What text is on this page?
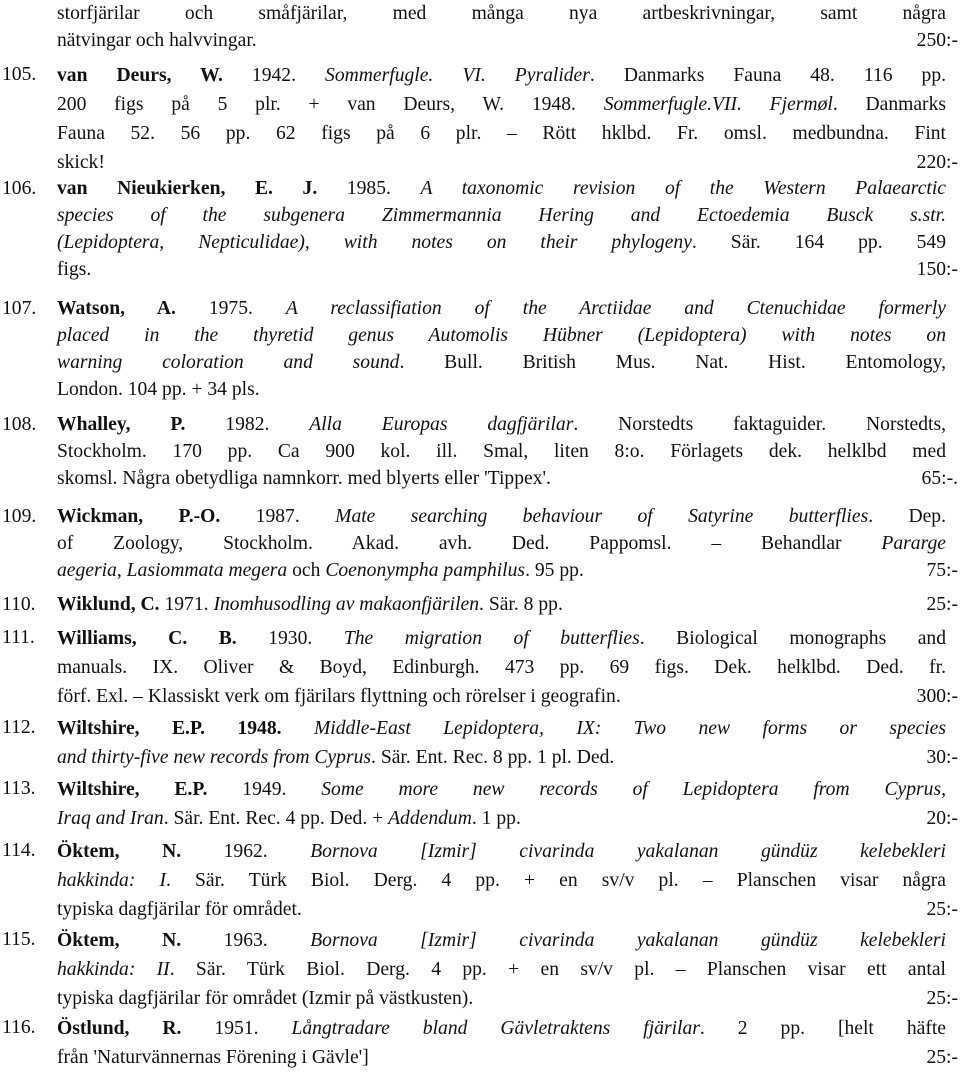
storfjärilar och småfjärilar, med många nya artbeskrivningar, samt några
nätvingar och halvvingar.	250:-
105. van Deurs, W. 1942. Sommerfugle. VI. Pyralider. Danmarks Fauna 48. 116 pp.
200 figs på 5 plr. + van Deurs, W. 1948. Sommerfugle.VII. Fjermøl. Danmarks
Fauna 52. 56 pp. 62 figs på 6 plr. – Rött hklbd. Fr. omsl. medbundna. Fint
skick!	220:-
106. van Nieukierken, E. J. 1985. A taxonomic revision of the Western Palaearctic
species of the subgenera Zimmermannia Hering and Ectoedemia Busck s.str.
(Lepidoptera, Nepticulidae), with notes on their phylogeny. Sär. 164 pp. 549
figs.	150:-
107. Watson, A. 1975. A reclassifiation of the Arctiidae and Ctenuchidae formerly
placed in the thyretid genus Automolis Hübner (Lepidoptera) with notes on
warning coloration and sound. Bull. British Mus. Nat. Hist. Entomology,
London. 104 pp. + 34 pls.
108. Whalley, P. 1982. Alla Europas dagfjärilar. Norstedts faktaguider. Norstedts,
Stockholm. 170 pp. Ca 900 kol. ill. Smal, liten 8:o. Förlagets dek. helklbd med
skomsl. Några obetydliga namnkorr. med blyerts eller 'Tippex'.	65:-.
109. Wickman, P.-O. 1987. Mate searching behaviour of Satyrine butterflies. Dep.
of Zoology, Stockholm. Akad. avh. Ded. Pappomsl. – Behandlar Pararge
aegeria, Lasiommata megera och Coenonympha pamphilus. 95 pp.	75:-
110. Wiklund, C. 1971. Inomhusodling av makaonfjärilen. Sär. 8 pp.	25:-
111. Williams, C. B. 1930. The migration of butterflies. Biological monographs and
manuals. IX. Oliver & Boyd, Edinburgh. 473 pp. 69 figs. Dek. helklbd. Ded. fr.
förf. Exl. – Klassiskt verk om fjärilars flyttning och rörelser i geografin.	300:-
112. Wiltshire, E.P. 1948. Middle-East Lepidoptera, IX: Two new forms or species
and thirty-five new records from Cyprus. Sär. Ent. Rec. 8 pp. 1 pl. Ded.	30:-
113. Wiltshire, E.P. 1949. Some more new records of Lepidoptera from Cyprus,
Iraq and Iran. Sär. Ent. Rec. 4 pp. Ded. + Addendum. 1 pp.	20:-
114. Öktem, N. 1962. Bornova [Izmir] civarinda yakalanan gündüz kelebekleri
hakkinda: I. Sär. Türk Biol. Derg. 4 pp. + en sv/v pl. – Planschen visar några
typiska dagfjärilar för området.	25:-
115. Öktem, N. 1963. Bornova [Izmir] civarinda yakalanan gündüz kelebekleri
hakkinda: II. Sär. Türk Biol. Derg. 4 pp. + en sv/v pl. – Planschen visar ett antal
typiska dagfjärilar för området (Izmir på västkusten).	25:-
116. Östlund, R. 1951. Långtradare bland Gävletraktens fjärilar. 2 pp. [helt häfte
från 'Naturvännernas Förening i Gävle']	25:-
